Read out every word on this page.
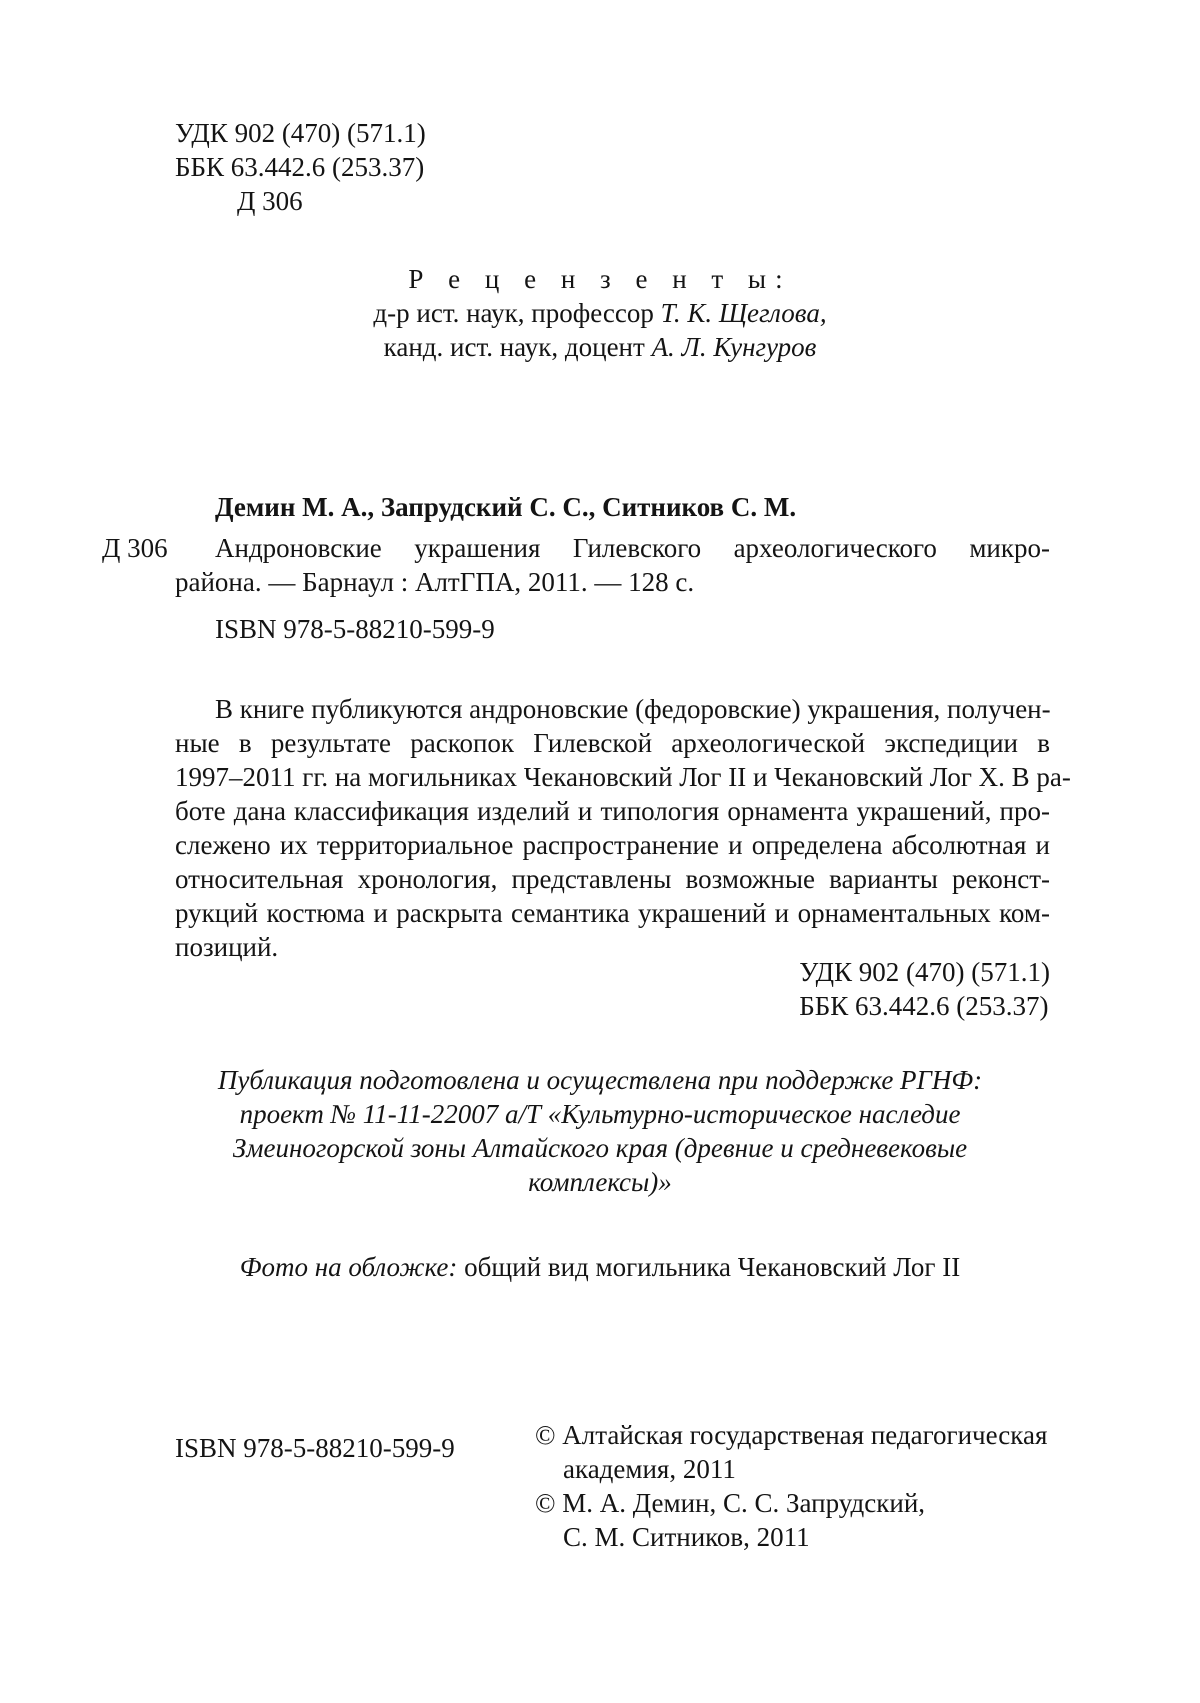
УДК 902 (470) (571.1)
ББК 63.442.6 (253.37)
Д 306
Р е ц е н з е н т ы:
д-р ист. наук, профессор Т. К. Щеглова,
канд. ист. наук, доцент А. Л. Кунгуров
Демин М. А., Запрудский С. С., Ситников С. М.
Д 306 Андроновские украшения Гилевского археологического микро-
района. — Барнаул : АлтГПА, 2011. — 128 с.
ISBN 978-5-88210-599-9
В книге публикуются андроновские (федоровские) украшения, получен-
ные в результате раскопок Гилевской археологической экспедиции в
1997–2011 гг. на могильниках Чекановский Лог II и Чекановский Лог X. В ра-
боте дана классификация изделий и типология орнамента украшений, про-
слежено их территориальное распространение и определена абсолютная и
относительная хронология, представлены возможные варианты реконст-
рукций костюма и раскрыта семантика украшений и орнаментальных ком-
позиций.
УДК 902 (470) (571.1)
ББК 63.442.6 (253.37)
Публикация подготовлена и осуществлена при поддержке РГНФ:
проект № 11-11-22007 а/Т «Культурно-историческое наследие
Змеиногорской зоны Алтайского края (древние и средневековые
комплексы)»
Фото на обложке: общий вид могильника Чекановский Лог II
ISBN 978-5-88210-599-9	© Алтайская государственая педагогическая
академия, 2011
© М. А. Демин, С. С. Запрудский,
С. М. Ситников, 2011
